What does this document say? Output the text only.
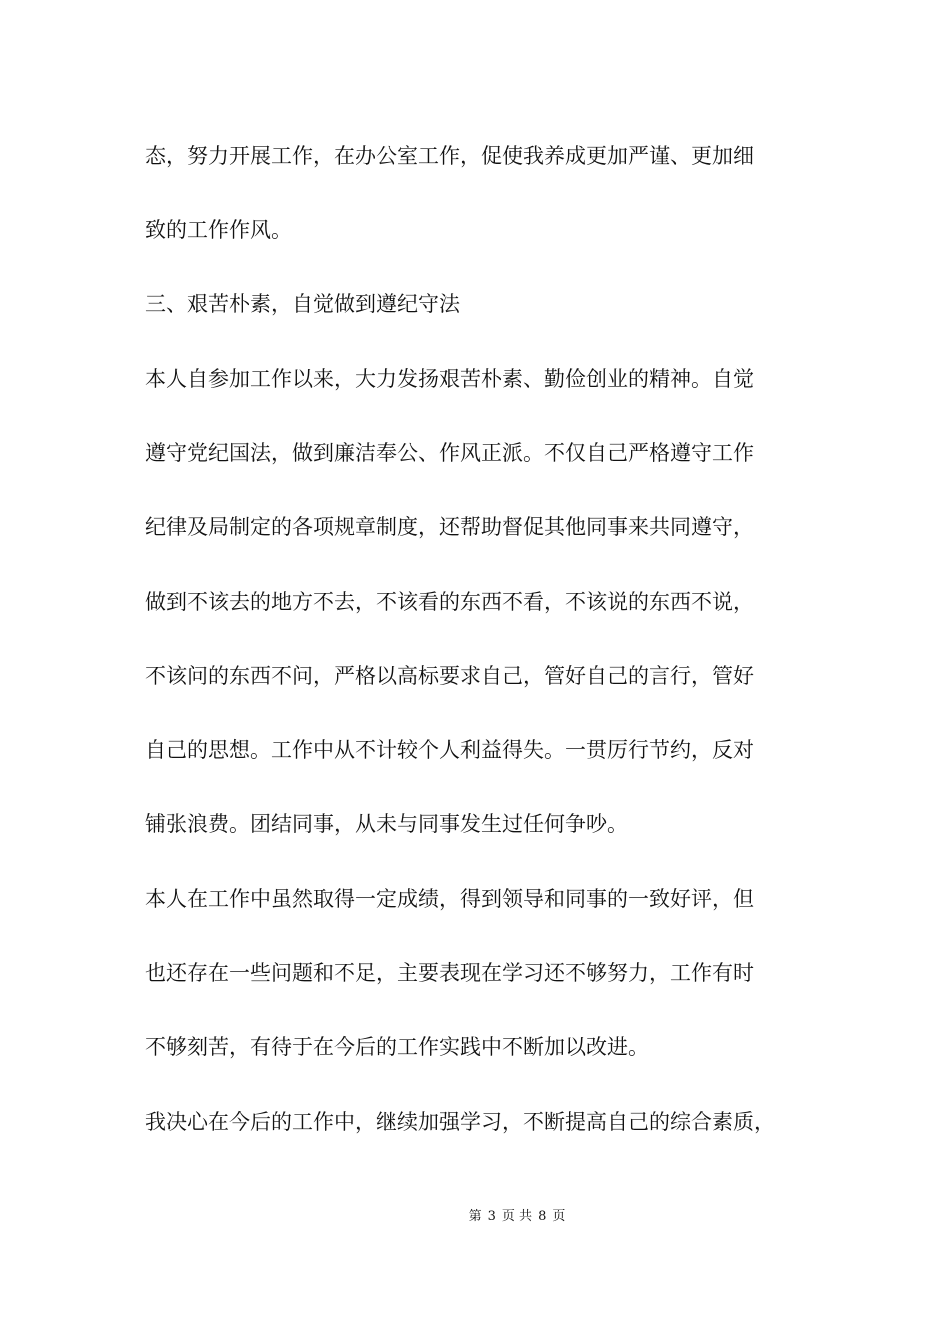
态，努力开展工作，在办公室工作，促使我养成更加严谨、更加细
致的工作作风。
三、艰苦朴素，自觉做到遵纪守法
本人自参加工作以来，大力发扬艰苦朴素、勤俭创业的精神。自觉
遵守党纪国法，做到廉洁奉公、作风正派。不仅自己严格遵守工作
纪律及局制定的各项规章制度，还帮助督促其他同事来共同遵守，
做到不该去的地方不去，不该看的东西不看，不该说的东西不说，
不该问的东西不问，严格以高标要求自己，管好自己的言行，管好
自己的思想。工作中从不计较个人利益得失。一贯厉行节约，反对
铺张浪费。团结同事，从未与同事发生过任何争吵。
本人在工作中虽然取得一定成绩，得到领导和同事的一致好评，但
也还存在一些问题和不足，主要表现在学习还不够努力，工作有时
不够刻苦，有待于在今后的工作实践中不断加以改进。
我决心在今后的工作中，继续加强学习，不断提高自己的综合素质，
第 3 页 共 8 页
